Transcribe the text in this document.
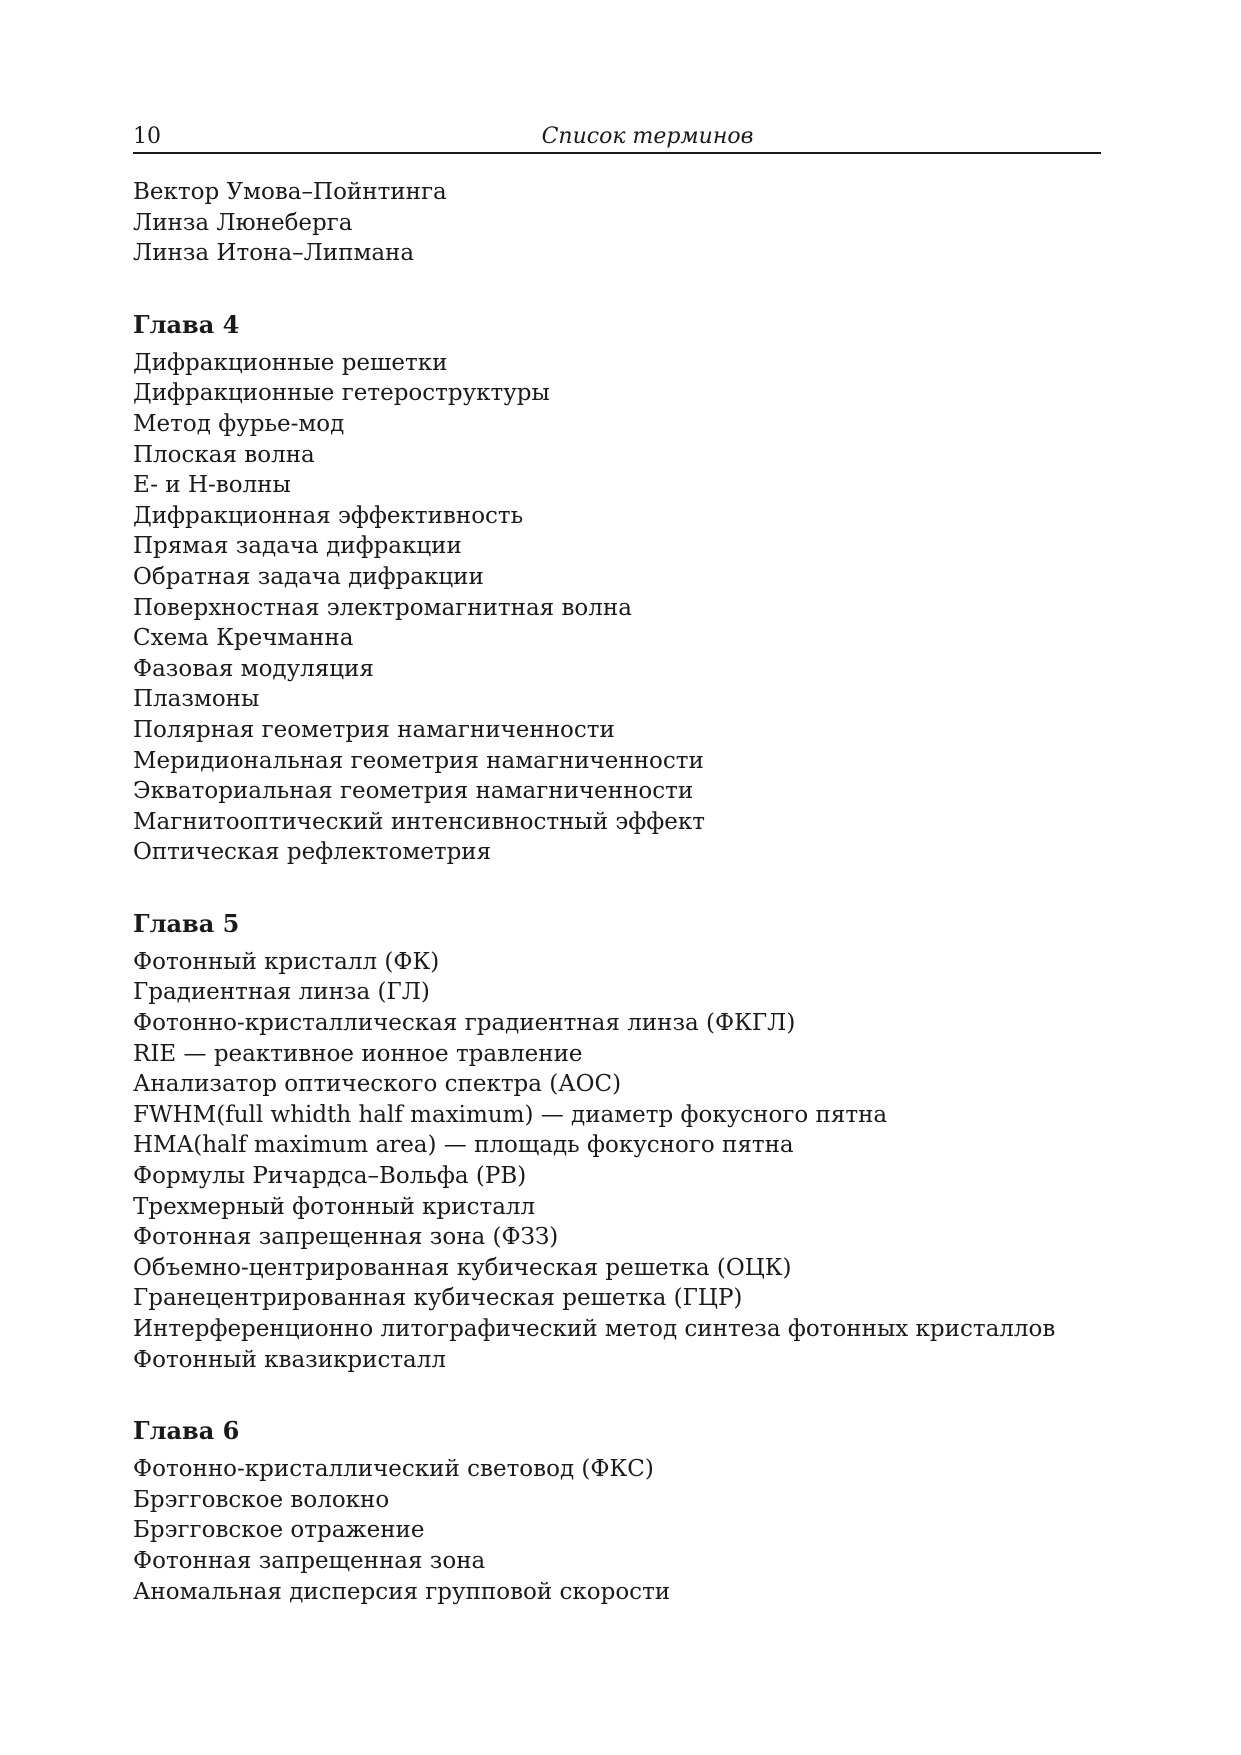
10	Список терминов
Вектор Умова–Пойнтинга
Линза Люнеберга
Линза Итона–Липмана
Глава 4
Дифракционные решетки
Дифракционные гетероструктуры
Метод фурье-мод
Плоская волна
E- и H-волны
Дифракционная эффективность
Прямая задача дифракции
Обратная задача дифракции
Поверхностная электромагнитная волна
Схема Кречманна
Фазовая модуляция
Плазмоны
Полярная геометрия намагниченности
Меридиональная геометрия намагниченности
Экваториальная геометрия намагниченности
Магнитооптический интенсивностный эффект
Оптическая рефлектометрия
Глава 5
Фотонный кристалл (ФК)
Градиентная линза (ГЛ)
Фотонно-кристаллическая градиентная линза (ФКГЛ)
RIE — реактивное ионное травление
Анализатор оптического спектра (АОС)
FWHM(full whidth half maximum) — диаметр фокусного пятна
HMA(half maximum area) — площадь фокусного пятна
Формулы Ричардса–Вольфа (РВ)
Трехмерный фотонный кристалл
Фотонная запрещенная зона (ФЗЗ)
Объемно-центрированная кубическая решетка (ОЦК)
Гранецентрированная кубическая решетка (ГЦР)
Интерференционно литографический метод синтеза фотонных кристаллов
Фотонный квазикристалл
Глава 6
Фотонно-кристаллический световод (ФКС)
Брэгговское волокно
Брэгговское отражение
Фотонная запрещенная зона
Аномальная дисперсия групповой скорости
